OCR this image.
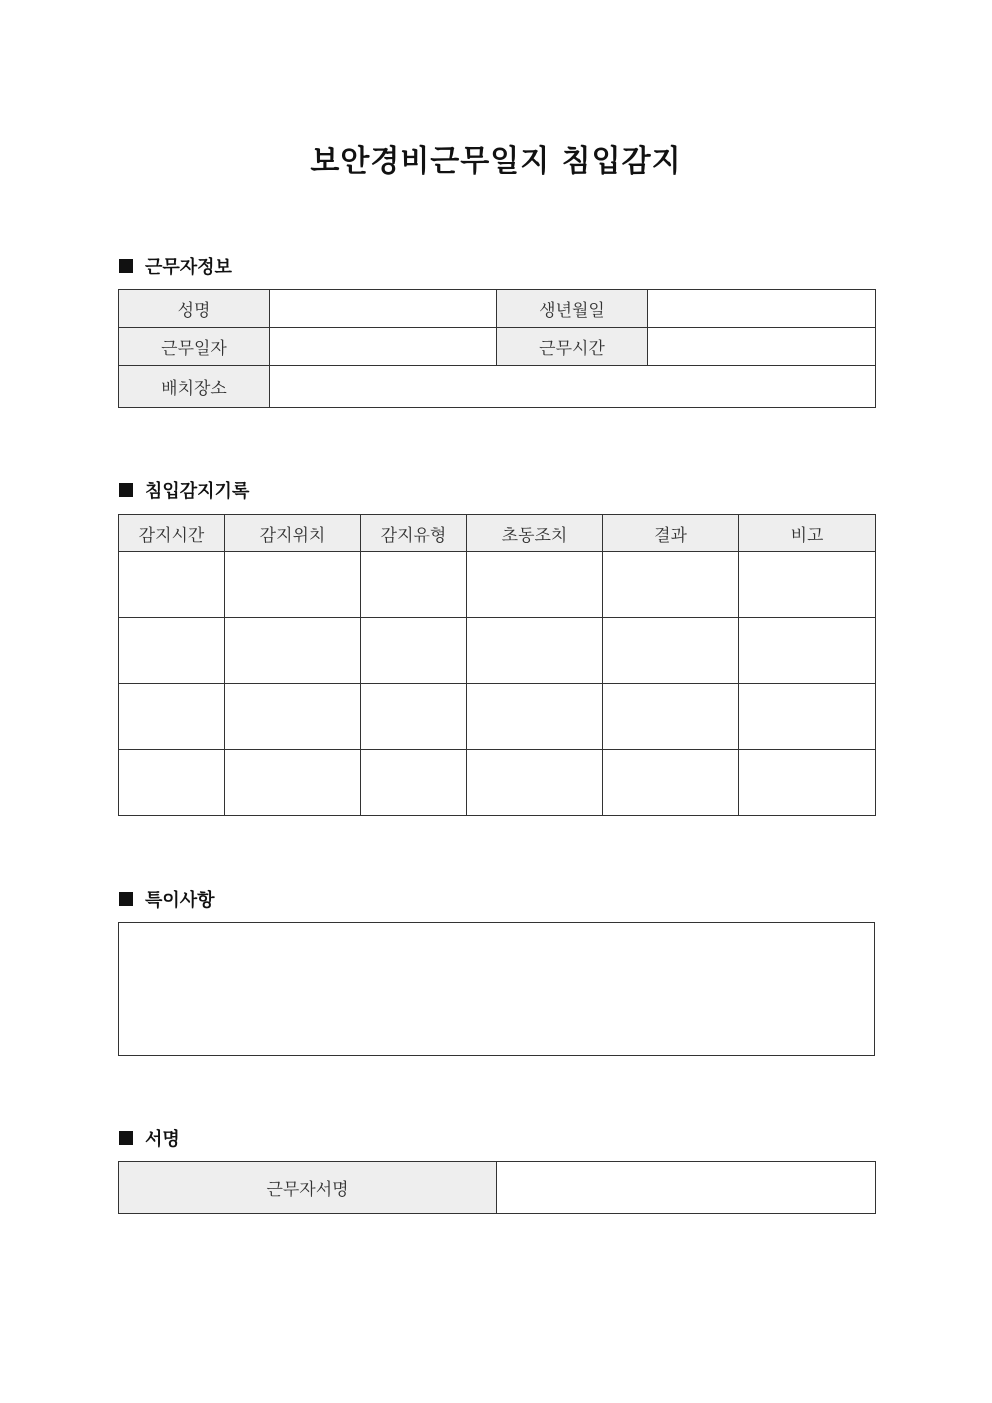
보안경비근무일지 침입감지
근무자정보
성명		생년월일	
근무일자		근무시간	
배치장소			
침입감지기록
감지시간	감지위치	감지유형	초동조치	결과	비고

특이사항
서명
근무자서명	
